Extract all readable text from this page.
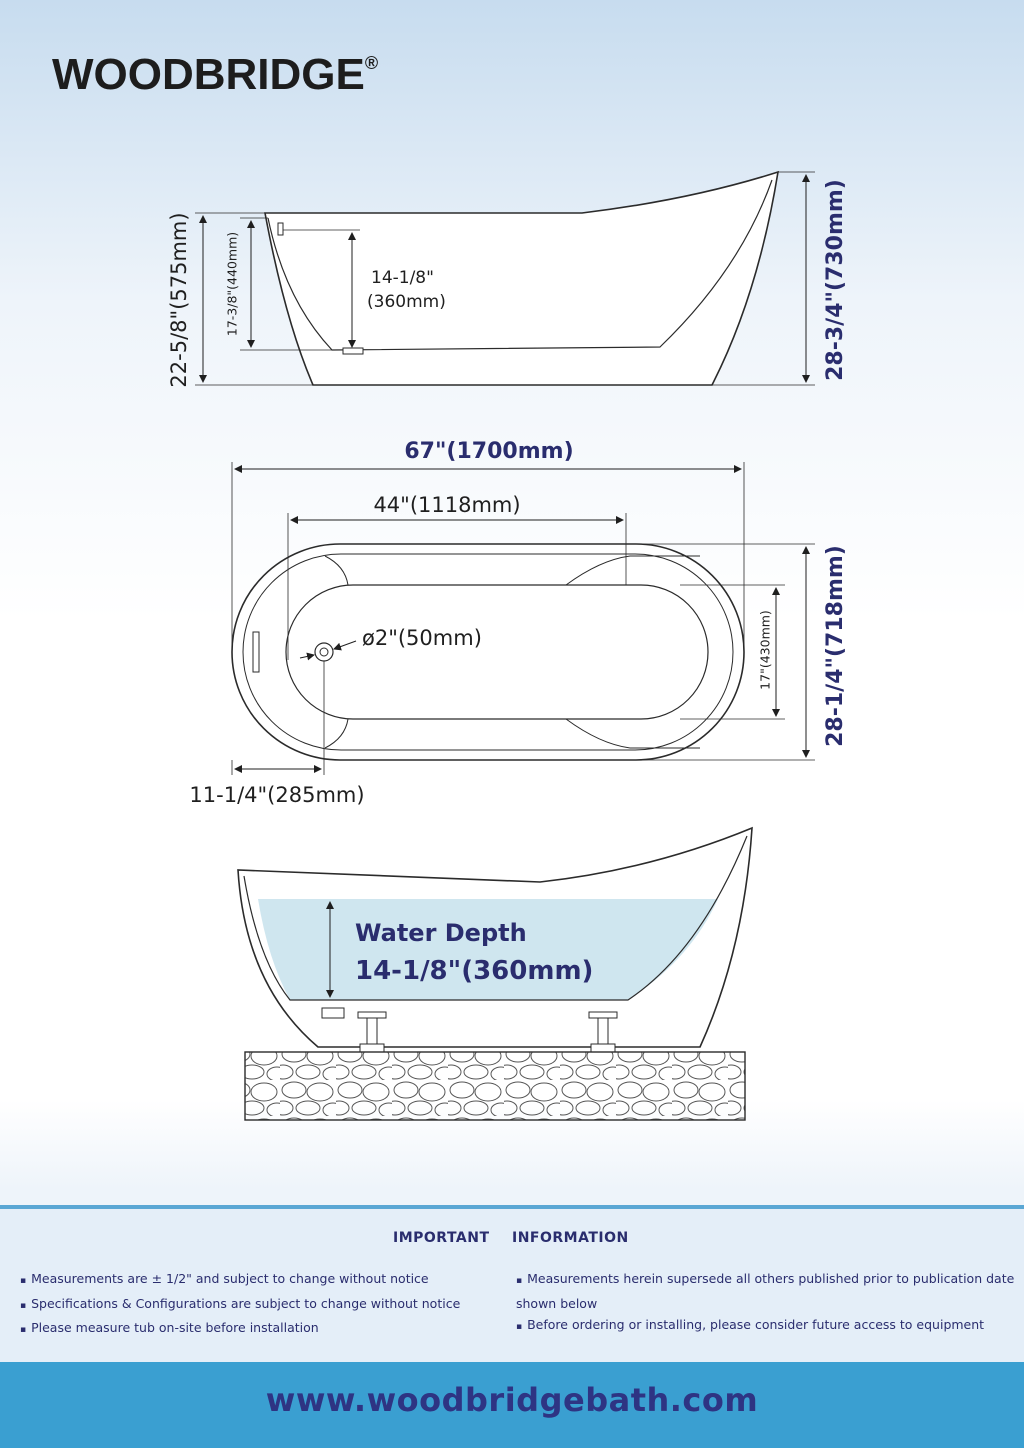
WOODBRIDGE®
22-5/8"(575mm)	17-3/8"(440mm)	14-1/8"
(360mm)	28-3/4"(730mm)
67"(1700mm)
44"(1118mm)
ø2"(50mm)	17"(430mm) 28-1/4"(718mm)
11-1/4"(285mm)
Water Depth
14-1/8"(360mm)
IMPORTANT INFORMATION
▪ Measurements are ± 1/2" and subject to change without notice
▪ Specifications & Configurations are subject to change without notice
▪ Please measure tub on-site before installation
▪ Measurements herein supersede all others published prior to publication date shown below
▪ Before ordering or installing, please consider future access to equipment
www.woodbridgebath.com
